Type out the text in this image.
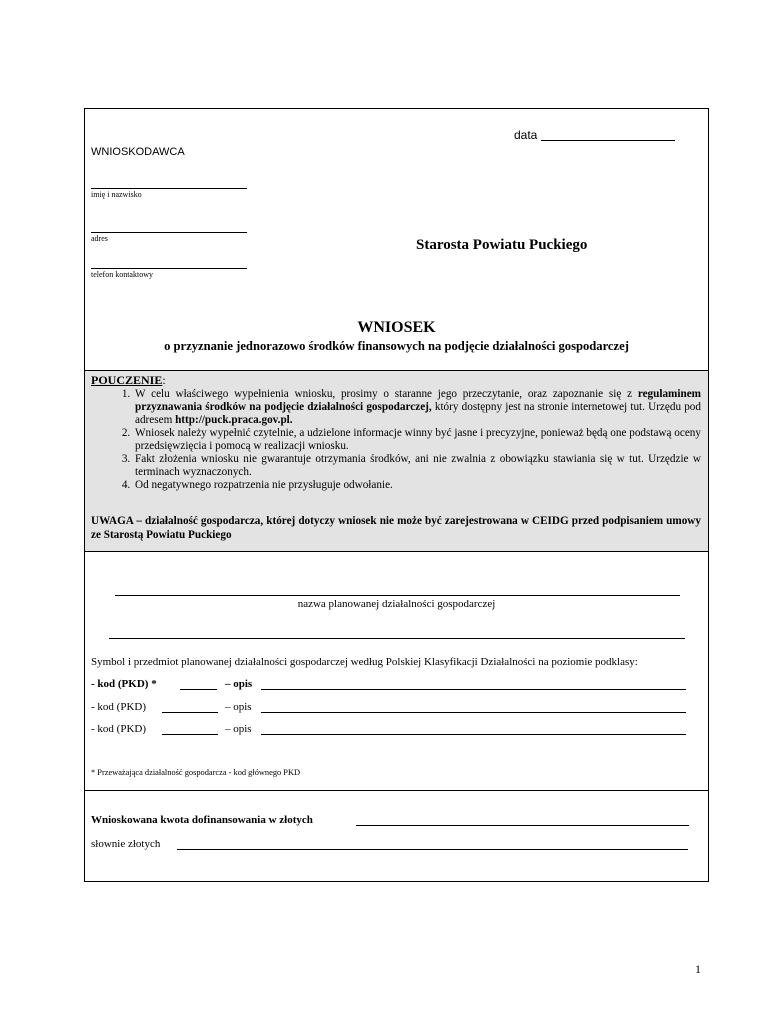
data
WNIOSKODAWCA
imię i nazwisko
adres	Starosta Powiatu Puckiego
telefon kontaktowy
WNIOSEK
o przyznanie jednorazowo środków finansowych na podjęcie działalności gospodarczej
POUCZENIE:
1. W celu właściwego wypełnienia wniosku, prosimy o staranne jego przeczytanie, oraz zapoznanie się z regulaminem przyznawania środków na podjęcie działalności gospodarczej, który dostępny jest na stronie internetowej tut. Urzędu pod adresem http://puck.praca.gov.pl.
2. Wniosek należy wypełnić czytelnie, a udzielone informacje winny być jasne i precyzyjne, ponieważ będą one podstawą oceny przedsięwzięcia i pomocą w realizacji wniosku.
3. Fakt złożenia wniosku nie gwarantuje otrzymania środków, ani nie zwalnia z obowiązku stawiania się w tut. Urzędzie w terminach wyznaczonych.
4. Od negatywnego rozpatrzenia nie przysługuje odwołanie.
UWAGA – działalność gospodarcza, której dotyczy wniosek nie może być zarejestrowana w CEIDG przed podpisaniem umowy ze Starostą Powiatu Puckiego
nazwa planowanej działalności gospodarczej
Symbol i przedmiot planowanej działalności gospodarczej według Polskiej Klasyfikacji Działalności na poziomie podklasy:
- kod (PKD) *	– opis
- kod (PKD)	– opis
- kod (PKD)	– opis
* Przeważająca działalność gospodarcza - kod głównego PKD
Wnioskowana kwota dofinansowania w złotych
słownie złotych
1
